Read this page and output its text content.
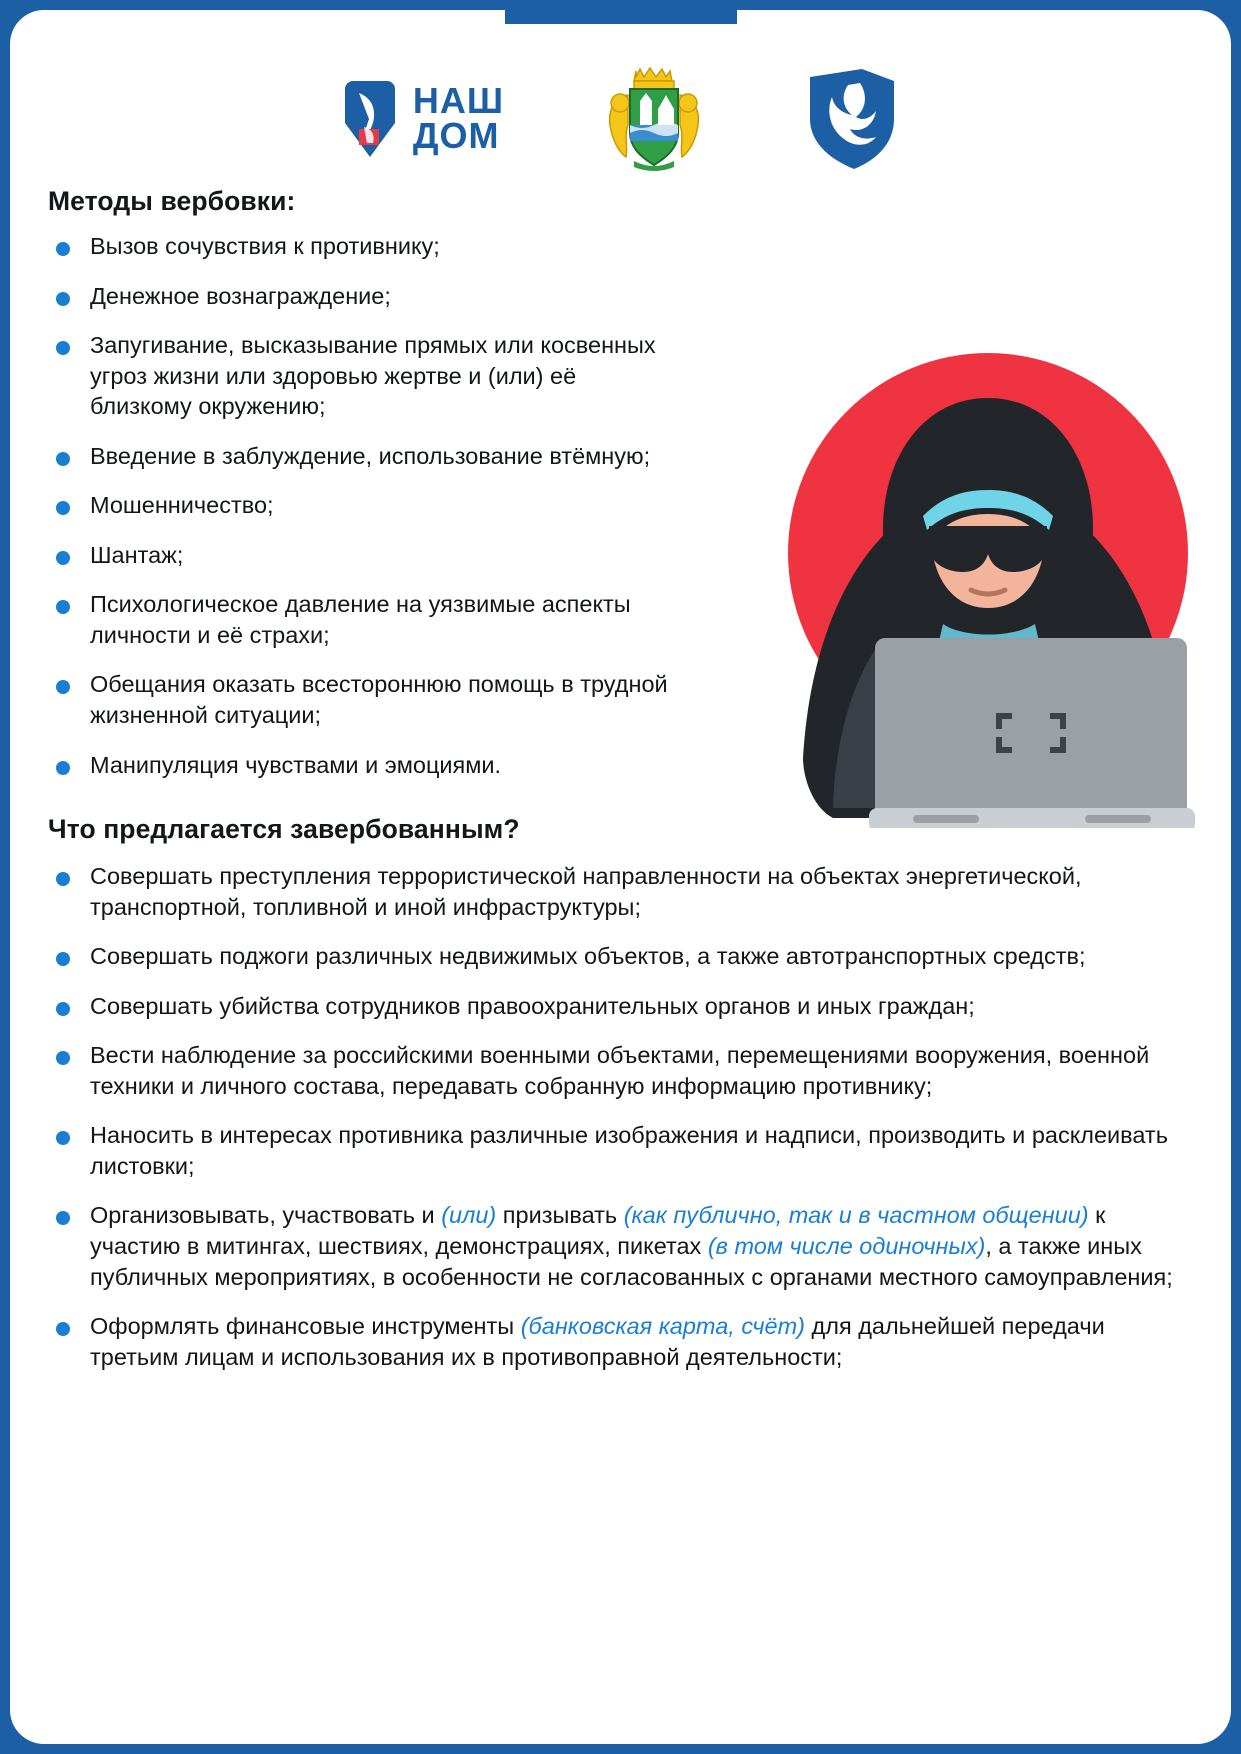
НАШ
ДОМ
Методы вербовки:
Вызов сочувствия к противнику;
Денежное вознаграждение;
Запугивание, высказывание прямых или косвенных угроз жизни или здоровью жертве и (или) её близкому окружению;
Введение в заблуждение, использование втёмную;
Мошенничество;
Шантаж;
Психологическое давление на уязвимые аспекты личности и её страхи;
Обещания оказать всестороннюю помощь в трудной жизненной ситуации;
Манипуляция чувствами и эмоциями.
Что предлагается завербованным?
Совершать преступления террористической направленности на объектах энергетической, транспортной, топливной и иной инфраструктуры;
Совершать поджоги различных недвижимых объектов, а также автотранспортных средств;
Совершать убийства сотрудников правоохранительных органов и иных граждан;
Вести наблюдение за российскими военными объектами, перемещениями вооружения, военной техники и личного состава, передавать собранную информацию противнику;
Наносить в интересах противника различные изображения и надписи, производить и расклеивать листовки;
Организовывать, участвовать и (или) призывать (как публично, так и в частном общении) к участию в митингах, шествиях, демонстрациях, пикетах (в том числе одиночных), а также иных публичных мероприятиях, в особенности не согласованных с органами местного самоуправления;
Оформлять финансовые инструменты (банковская карта, счёт) для дальнейшей передачи третьим лицам и использования их в противоправной деятельности;
